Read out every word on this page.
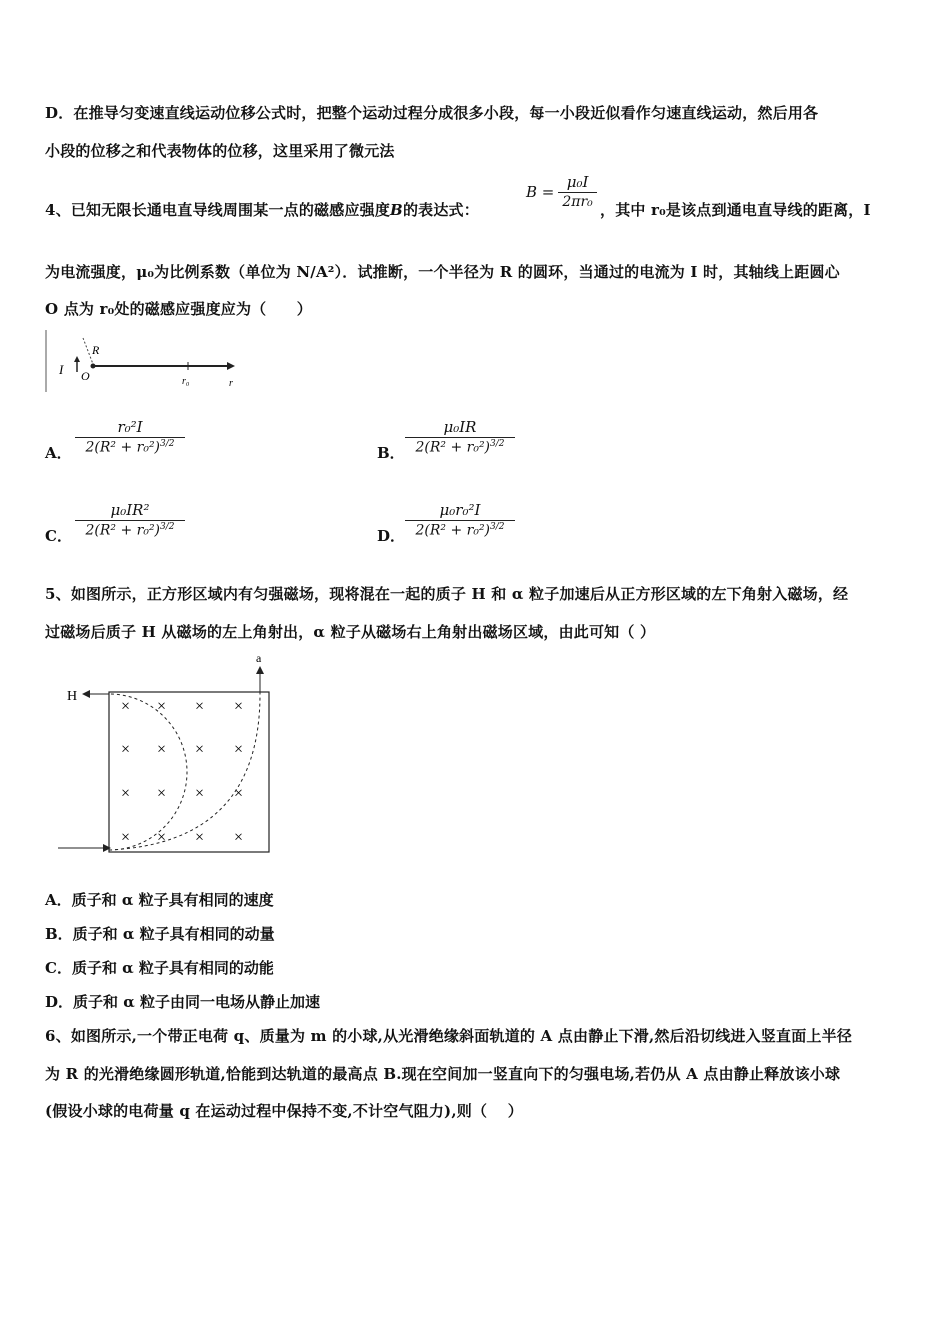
D．在推导匀变速直线运动位移公式时，把整个运动过程分成很多小段，每一小段近似看作匀速直线运动，然后用各
小段的位移之和代表物体的位移，这里采用了微元法
4、已知无限长通电直导线周围某一点的磁感应强度B的表达式：
$B = \frac{\text{μ₀I}}{\text{2πr₀}}$ ，其中 r₀是该点到通电直导线的距离，I
为电流强度，μ₀为比例系数（单位为 N/A²）．试推断，一个半径为 R 的圆环，当通过的电流为 I 时，其轴线上距圆心
O 点为 r₀处的磁感应强度应为（　　）
I O
R
r₀	r
A．
r₀²I
$2(R^2 + r_0^2)^{3/2}$	B．
μ₀IR
$2(R^2 + r_0^2)^{3/2}$
C．
μ₀IR²
$2(R^2 + r_0^2)^{3/2}$	D．
μ₀r₀²I
$2(R^2 + r_0^2)^{3/2}$
5、如图所示，正方形区域内有匀强磁场，现将混在一起的质子 H 和 α 粒子加速后从正方形区域的左下角射入磁场，经
过磁场后质子 H 从磁场的左上角射出，α 粒子从磁场右上角射出磁场区域，由此可知（ ）
× × × ×
× × × ×
× × × ×
× × × ×
H
a
A．质子和 α 粒子具有相同的速度
B．质子和 α 粒子具有相同的动量
C．质子和 α 粒子具有相同的动能
D．质子和 α 粒子由同一电场从静止加速
6、如图所示,一个带正电荷 q、质量为 m 的小球,从光滑绝缘斜面轨道的 A 点由静止下滑,然后沿切线进入竖直面上半径
为 R 的光滑绝缘圆形轨道,恰能到达轨道的最高点 B.现在空间加一竖直向下的匀强电场,若仍从 A 点由静止释放该小球
(假设小球的电荷量 q 在运动过程中保持不变,不计空气阻力),则（　 ）
